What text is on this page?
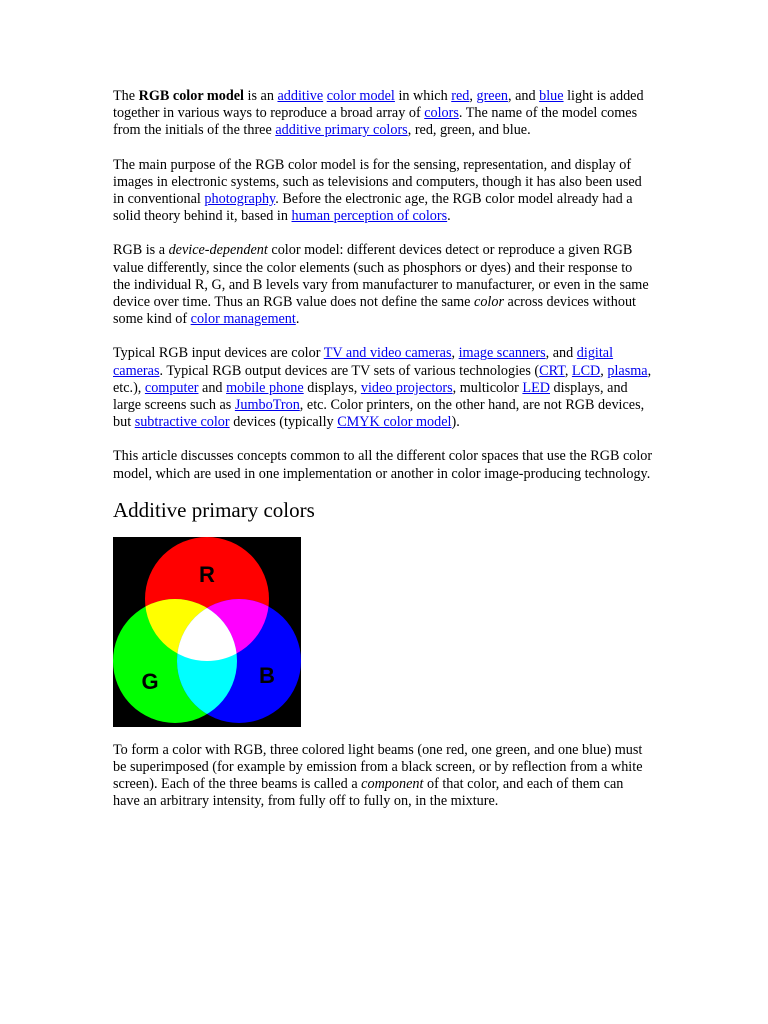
The RGB color model is an additive color model in which red, green, and blue light is added together in various ways to reproduce a broad array of colors. The name of the model comes from the initials of the three additive primary colors, red, green, and blue.

The main purpose of the RGB color model is for the sensing, representation, and display of images in electronic systems, such as televisions and computers, though it has also been used in conventional photography. Before the electronic age, the RGB color model already had a solid theory behind it, based in human perception of colors.

RGB is a device-dependent color model: different devices detect or reproduce a given RGB value differently, since the color elements (such as phosphors or dyes) and their response to the individual R, G, and B levels vary from manufacturer to manufacturer, or even in the same device over time. Thus an RGB value does not define the same color across devices without some kind of color management.

Typical RGB input devices are color TV and video cameras, image scanners, and digital cameras. Typical RGB output devices are TV sets of various technologies (CRT, LCD, plasma, etc.), computer and mobile phone displays, video projectors, multicolor LED displays, and large screens such as JumboTron, etc. Color printers, on the other hand, are not RGB devices, but subtractive color devices (typically CMYK color model).

This article discusses concepts common to all the different color spaces that use the RGB color model, which are used in one implementation or another in color image-producing technology.

Additive primary colors
R
G	B

To form a color with RGB, three colored light beams (one red, one green, and one blue) must be superimposed (for example by emission from a black screen, or by reflection from a white screen). Each of the three beams is called a component of that color, and each of them can have an arbitrary intensity, from fully off to fully on, in the mixture.
